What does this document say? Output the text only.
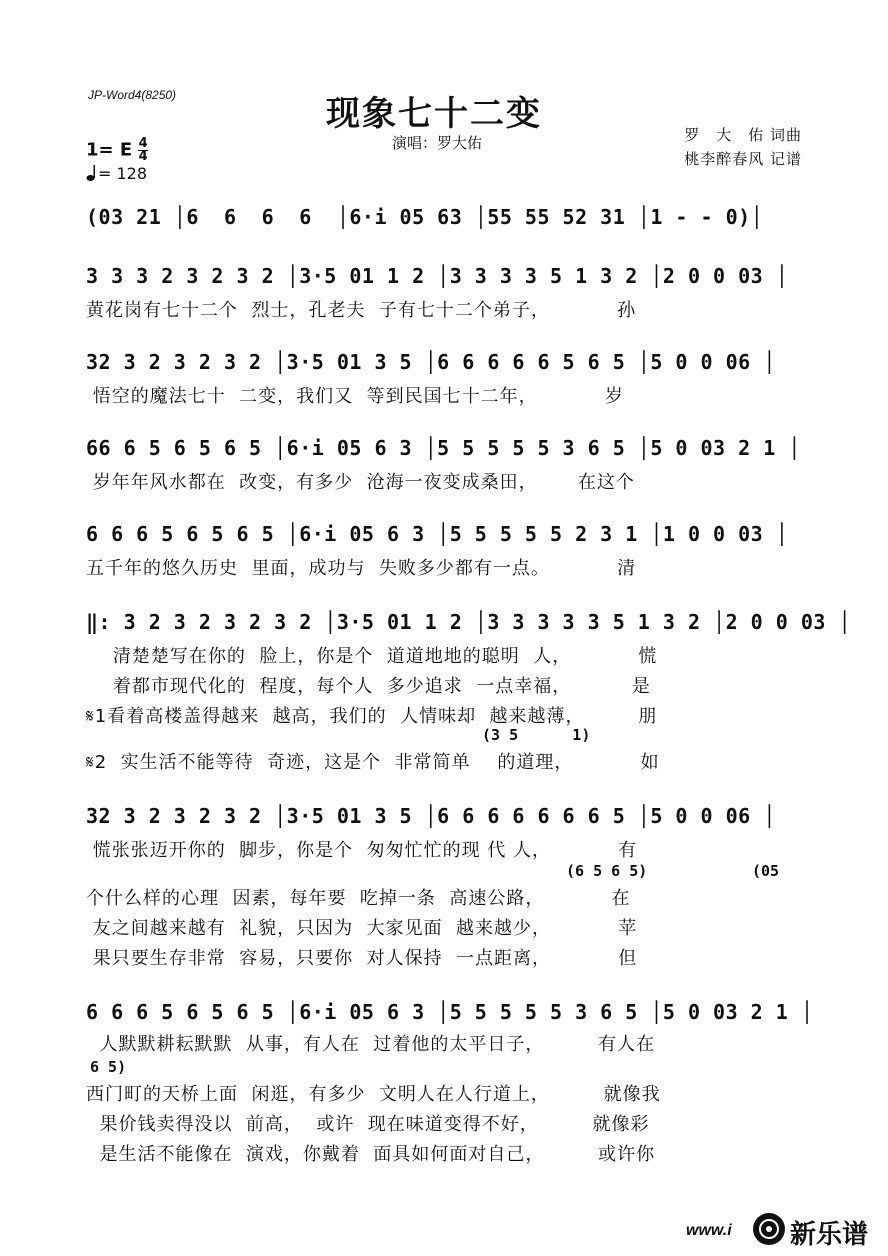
JP-Word4(8250)	现象七十二变
演唱：罗大佑	罗　大　佑 词曲
桃李醉春风 记谱
1= E $\frac{4}{4}$
= 128
(03 21 │6  6  6  6  │6·i 05 63 │55 55 52 31 │1 - - 0)│
3 3 3 2 3 2 3 2 │3·5 01 1 2 │3 3 3 3 5 1 3 2 │2 0 0 03 │
黄花岗有七十二个  烈士，孔老夫  子有七十二个弟子，          孙
32 3 2 3 2 3 2 │3·5 01 3 5 │6 6 6 6 6 5 6 5 │5 0 0 06 │
悟空的魔法七十  二变，我们又  等到民国七十二年，          岁
66 6 5 6 5 6 5 │6·i 05 6 3 │5 5 5 5 5 3 6 5 │5 0 03 2 1 │
岁年年风水都在  改变，有多少  沧海一夜变成桑田，      在这个
6 6 6 5 6 5 6 5 │6·i 05 6 3 │5 5 5 5 5 2 3 1 │1 0 0 03 │
五千年的悠久历史  里面，成功与  失败多少都有一点。          清
‖: 3 2 3 2 3 2 3 2 │3·5 01 1 2 │3 3 3 3 3 5 1 3 2 │2 0 0 03 │
清楚楚写在你的  脸上，你是个  道道地地的聪明  人，          慌
着都市现代化的  程度，每个人  多少追求  一点幸福，         是
𝄋1看着高楼盖得越来  越高，我们的  人情味却  越来越薄，        朋
(3 5      1)
𝄋2  实生活不能等待  奇迹，这是个  非常简单    的道理，          如
32 3 2 3 2 3 2 │3·5 01 3 5 │6 6 6 6 6 6 6 5 │5 0 0 06 │
慌张张迈开你的  脚步，你是个  匆匆忙忙的现 代 人，          有
(6 5 6 5)	(05
个什么样的心理  因素，每年要  吃掉一条  高速公路，          在
友之间越来越有  礼貌，只因为  大家见面  越来越少，          苹
果只要生存非常  容易，只要你  对人保持  一点距离，          但
6 6 6 5 6 5 6 5 │6·i 05 6 3 │5 5 5 5 5 3 6 5 │5 0 03 2 1 │
人默默耕耘默默  从事，有人在  过着他的太平日子，        有人在
6 5)
西门町的天桥上面  闲逛，有多少  文明人在人行道上，        就像我
果价钱卖得没以  前高，  或许  现在味道变得不好，        就像彩
是生活不能像在  演戏，你戴着  面具如何面对自己，        或许你
www.i 新乐谱
